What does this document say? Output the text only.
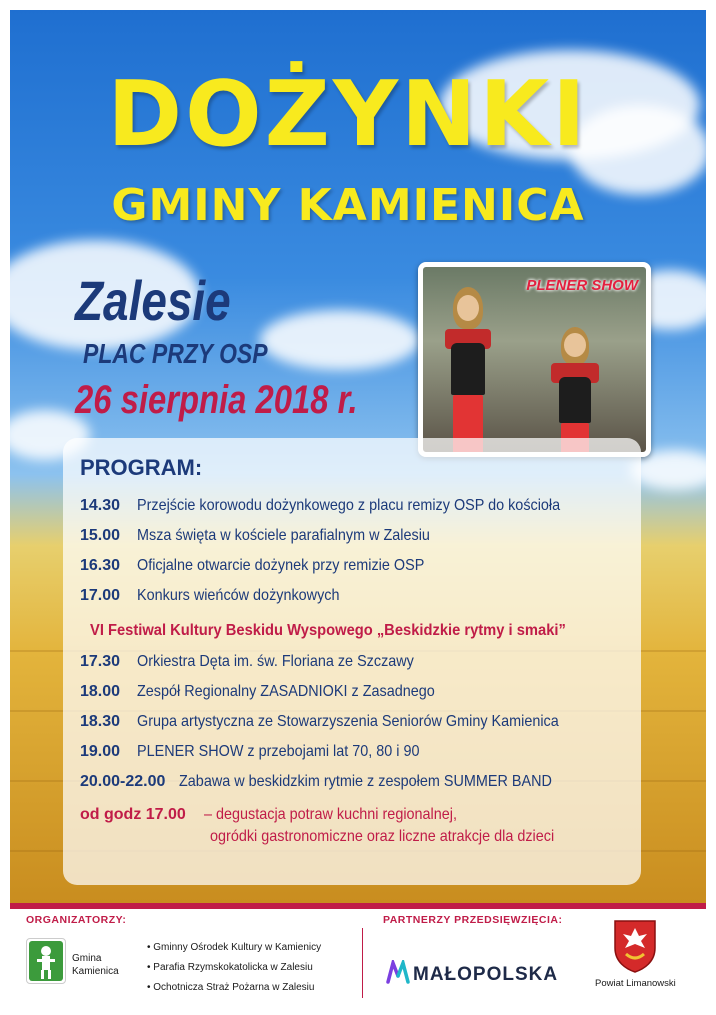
DOŻYNKI
GMINY KAMIENICA
Zalesie
PLAC PRZY OSP
26 sierpnia 2018 r.
PLENER SHOW
PROGRAM:
14.30 Przejście korowodu dożynkowego z placu remizy OSP do kościoła
15.00 Msza święta w kościele parafialnym w Zalesiu
16.30 Oficjalne otwarcie dożynek przy remizie OSP
17.00 Konkurs wieńców dożynkowych
VI Festiwal Kultury Beskidu Wyspowego „Beskidzkie rytmy i smaki”
17.30 Orkiestra Dęta im. św. Floriana ze Szczawy
18.00 Zespół Regionalny ZASADNIOKI z Zasadnego
18.30 Grupa artystyczna ze Stowarzyszenia Seniorów Gminy Kamienica
19.00 PLENER SHOW z przebojami lat 70, 80 i 90
20.00-22.00 Zabawa w beskidzkim rytmie z zespołem SUMMER BAND
od godz 17.00 – degustacja potraw kuchni regionalnej,
ogródki gastronomiczne oraz liczne atrakcje dla dzieci
ORGANIZATORZY:
Gmina
Kamienica
• Gminny Ośrodek Kultury w Kamienicy
• Parafia Rzymskokatolicka w Zalesiu
• Ochotnicza Straż Pożarna w Zalesiu
PARTNERZY PRZEDSIĘWZIĘCIA:
MAŁOPOLSKA	Powiat Limanowski
